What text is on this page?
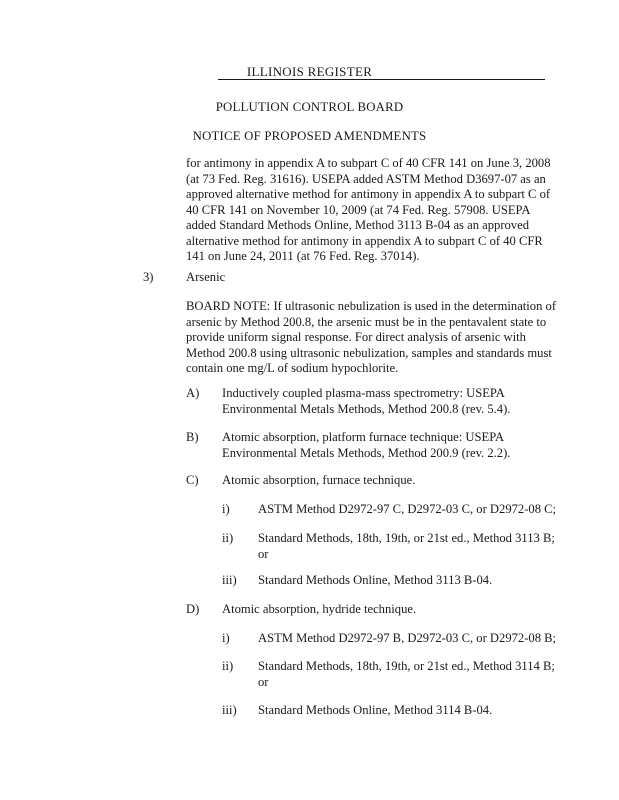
ILLINOIS REGISTER
POLLUTION CONTROL BOARD
NOTICE OF PROPOSED AMENDMENTS
for antimony in appendix A to subpart C of 40 CFR 141 on June 3, 2008
(at 73 Fed. Reg. 31616). USEPA added ASTM Method D3697-07 as an
approved alternative method for antimony in appendix A to subpart C of
40 CFR 141 on November 10, 2009 (at 74 Fed. Reg. 57908. USEPA
added Standard Methods Online, Method 3113 B-04 as an approved
alternative method for antimony in appendix A to subpart C of 40 CFR
141 on June 24, 2011 (at 76 Fed. Reg. 37014).
3)	Arsenic
BOARD NOTE: If ultrasonic nebulization is used in the determination of
arsenic by Method 200.8, the arsenic must be in the pentavalent state to
provide uniform signal response. For direct analysis of arsenic with
Method 200.8 using ultrasonic nebulization, samples and standards must
contain one mg/L of sodium hypochlorite.
A) Inductively coupled plasma-mass spectrometry: USEPA
Environmental Metals Methods, Method 200.8 (rev. 5.4).
B) Atomic absorption, platform furnace technique: USEPA
Environmental Metals Methods, Method 200.9 (rev. 2.2).
C) Atomic absorption, furnace technique.
i) ASTM Method D2972-97 C, D2972-03 C, or D2972-08 C;
ii) Standard Methods, 18th, 19th, or 21st ed., Method 3113 B;
or
iii) Standard Methods Online, Method 3113 B-04.
D) Atomic absorption, hydride technique.
i) ASTM Method D2972-97 B, D2972-03 C, or D2972-08 B;
ii) Standard Methods, 18th, 19th, or 21st ed., Method 3114 B;
or
iii) Standard Methods Online, Method 3114 B-04.
